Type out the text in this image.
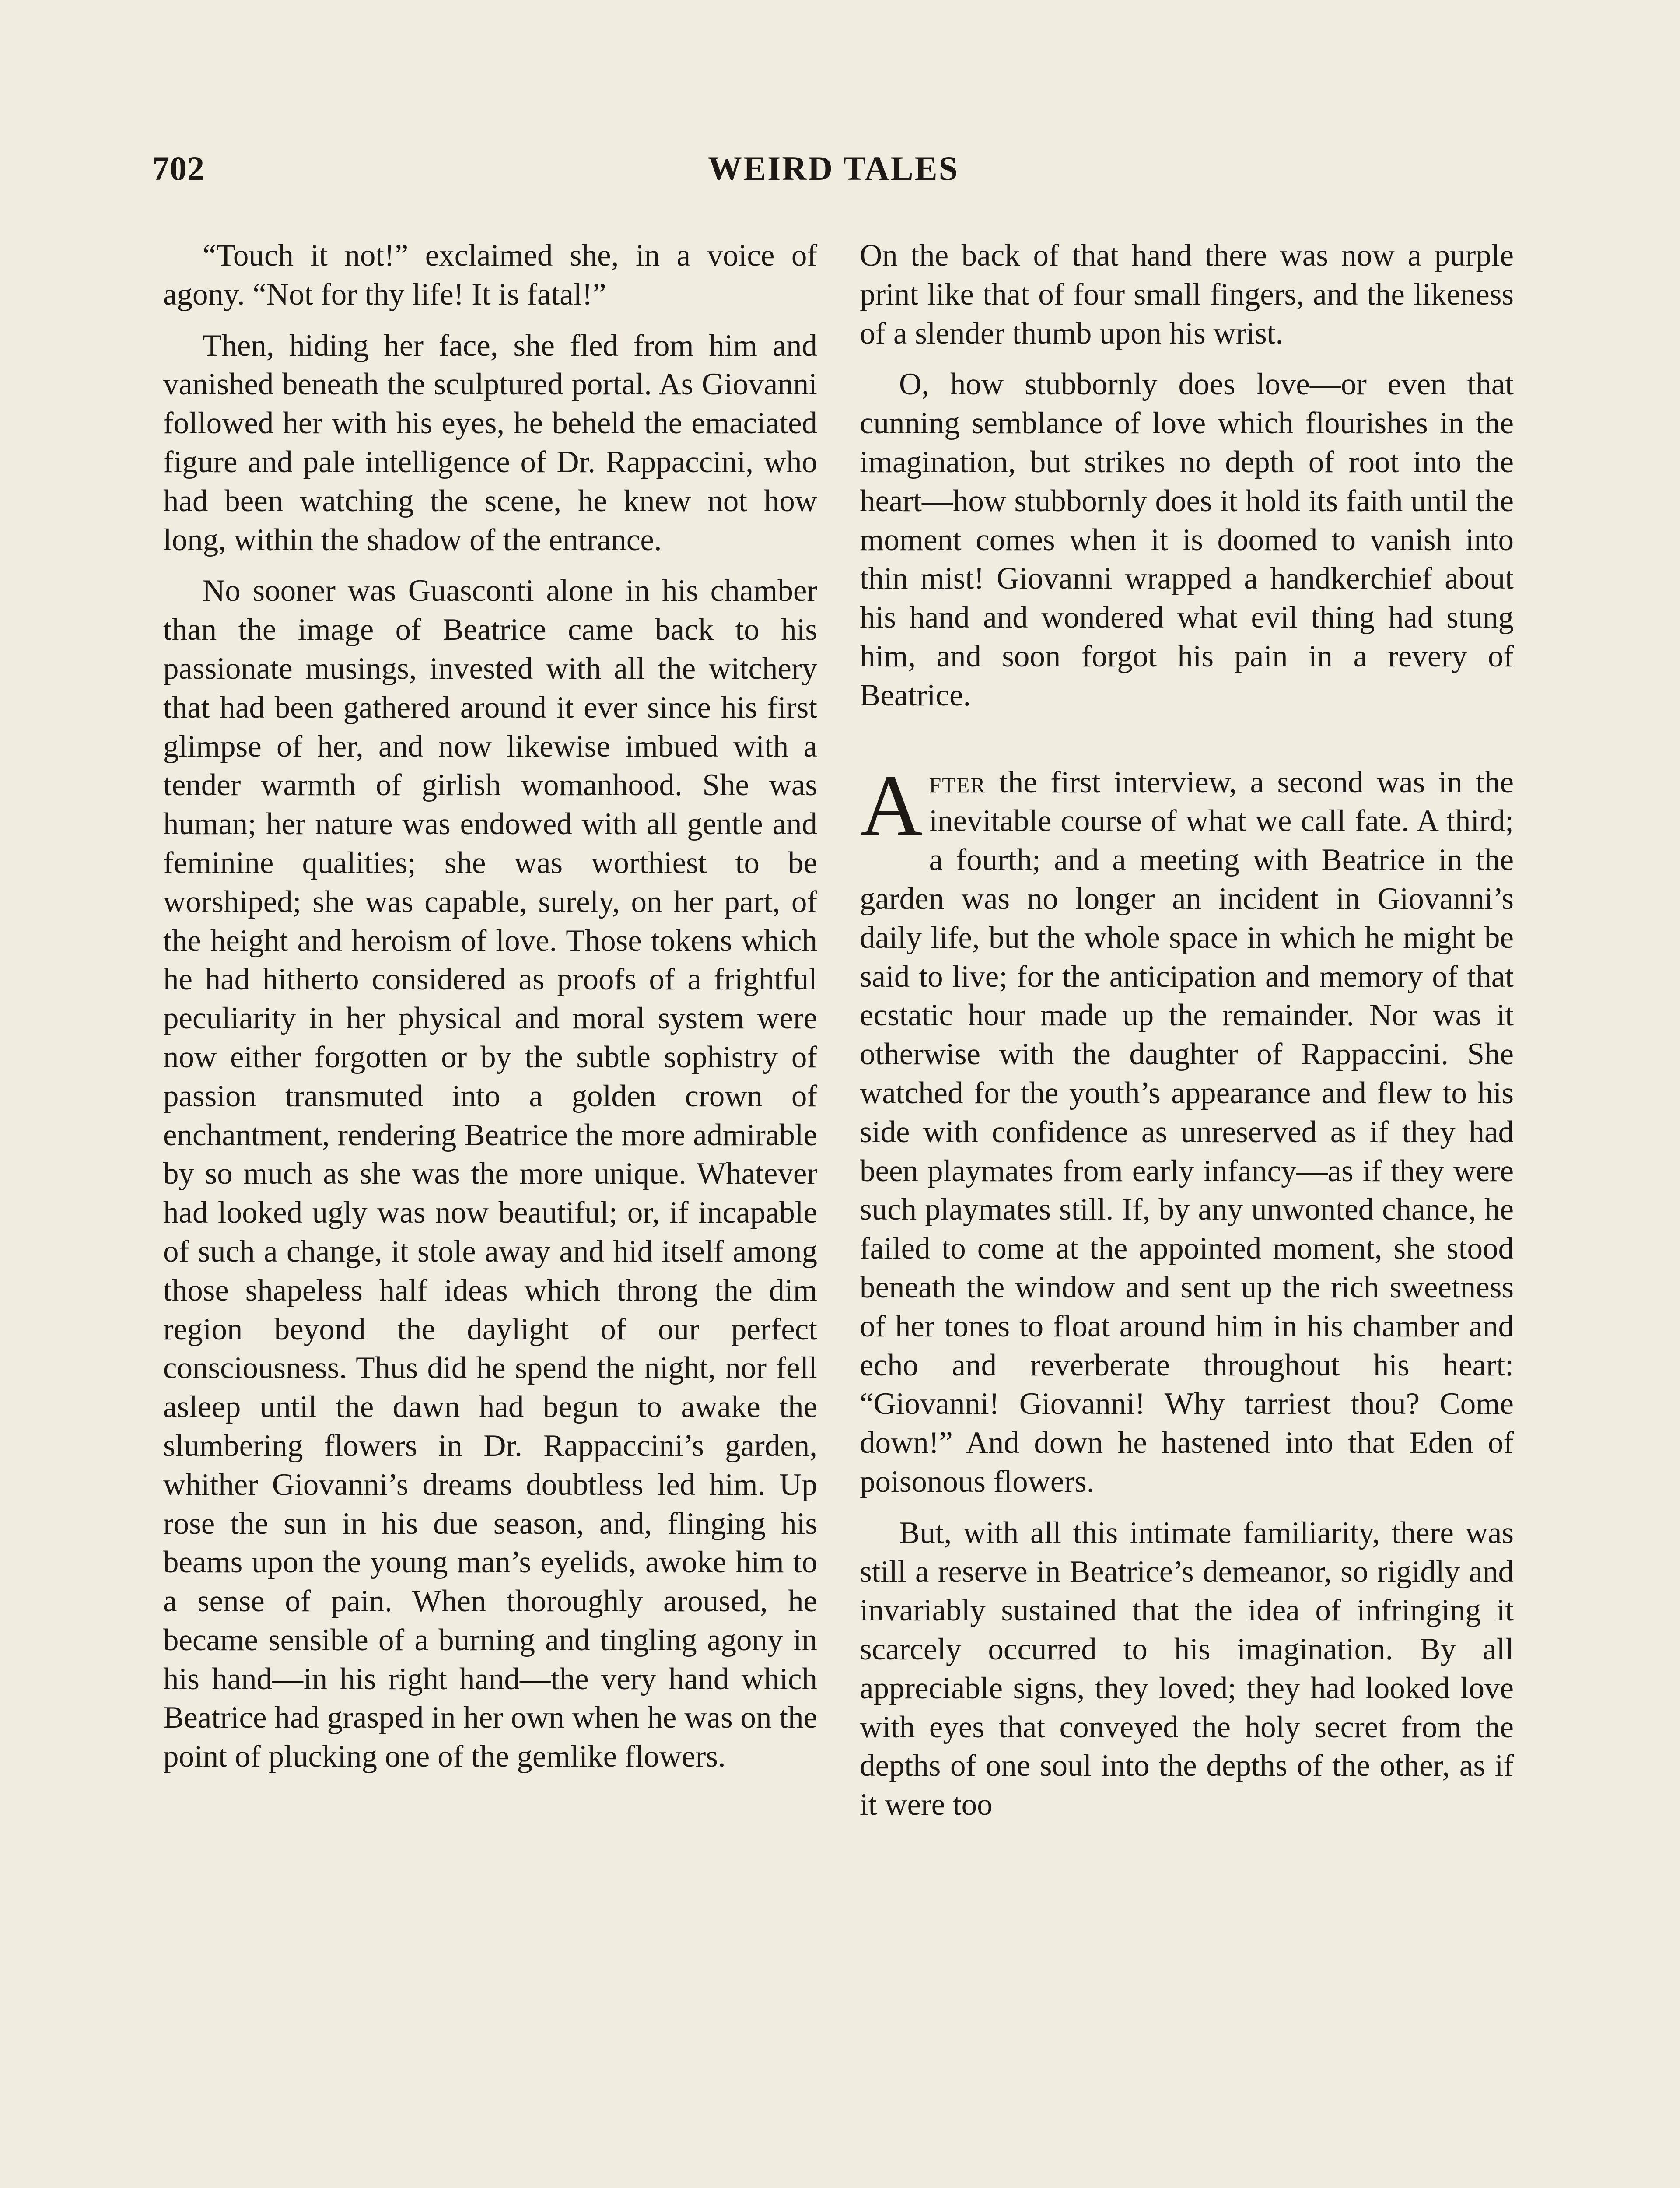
702	WEIRD TALES

“Touch it not!” exclaimed she, in a voice of agony. “Not for thy life! It is fatal!”

Then, hiding her face, she fled from him and vanished beneath the sculptured portal. As Giovanni followed her with his eyes, he beheld the emaciated figure and pale intelligence of Dr. Rappaccini, who had been watching the scene, he knew not how long, within the shadow of the entrance.

No sooner was Guasconti alone in his chamber than the image of Beatrice came back to his passionate musings, invested with all the witchery that had been gathered around it ever since his first glimpse of her, and now likewise imbued with a tender warmth of girlish womanhood. She was human; her nature was endowed with all gentle and feminine qualities; she was worthiest to be worshiped; she was capable, surely, on her part, of the height and heroism of love. Those tokens which he had hitherto considered as proofs of a frightful peculiarity in her physical and moral system were now either forgotten or by the subtle sophistry of passion transmuted into a golden crown of enchantment, rendering Beatrice the more admirable by so much as she was the more unique. Whatever had looked ugly was now beautiful; or, if incapable of such a change, it stole away and hid itself among those shapeless half ideas which throng the dim region beyond the daylight of our perfect consciousness. Thus did he spend the night, nor fell asleep until the dawn had begun to awake the slumbering flowers in Dr. Rappaccini’s garden, whither Giovanni’s dreams doubtless led him. Up rose the sun in his due season, and, flinging his beams upon the young man’s eyelids, awoke him to a sense of pain. When thoroughly aroused, he became sensible of a burning and tingling agony in his hand—in his right hand—the very hand which Beatrice had grasped in her own when he was on the point of plucking one of the gemlike flowers.

On the back of that hand there was now a purple print like that of four small fingers, and the likeness of a slender thumb upon his wrist.

O, how stubbornly does love—or even that cunning semblance of love which flourishes in the imagination, but strikes no depth of root into the heart—how stubbornly does it hold its faith until the moment comes when it is doomed to vanish into thin mist! Giovanni wrapped a handkerchief about his hand and wondered what evil thing had stung him, and soon forgot his pain in a revery of Beatrice.

After the first interview, a second was in the inevitable course of what we call fate. A third; a fourth; and a meeting with Beatrice in the garden was no longer an incident in Giovanni’s daily life, but the whole space in which he might be said to live; for the anticipation and memory of that ecstatic hour made up the remainder. Nor was it otherwise with the daughter of Rappaccini. She watched for the youth’s appearance and flew to his side with confidence as unreserved as if they had been playmates from early infancy—as if they were such playmates still. If, by any unwonted chance, he failed to come at the appointed moment, she stood beneath the window and sent up the rich sweetness of her tones to float around him in his chamber and echo and reverberate throughout his heart: “Giovanni! Giovanni! Why tarriest thou? Come down!” And down he hastened into that Eden of poisonous flowers.

But, with all this intimate familiarity, there was still a reserve in Beatrice’s demeanor, so rigidly and invariably sustained that the idea of infringing it scarcely occurred to his imagination. By all appreciable signs, they loved; they had looked love with eyes that conveyed the holy secret from the depths of one soul into the depths of the other, as if it were too
